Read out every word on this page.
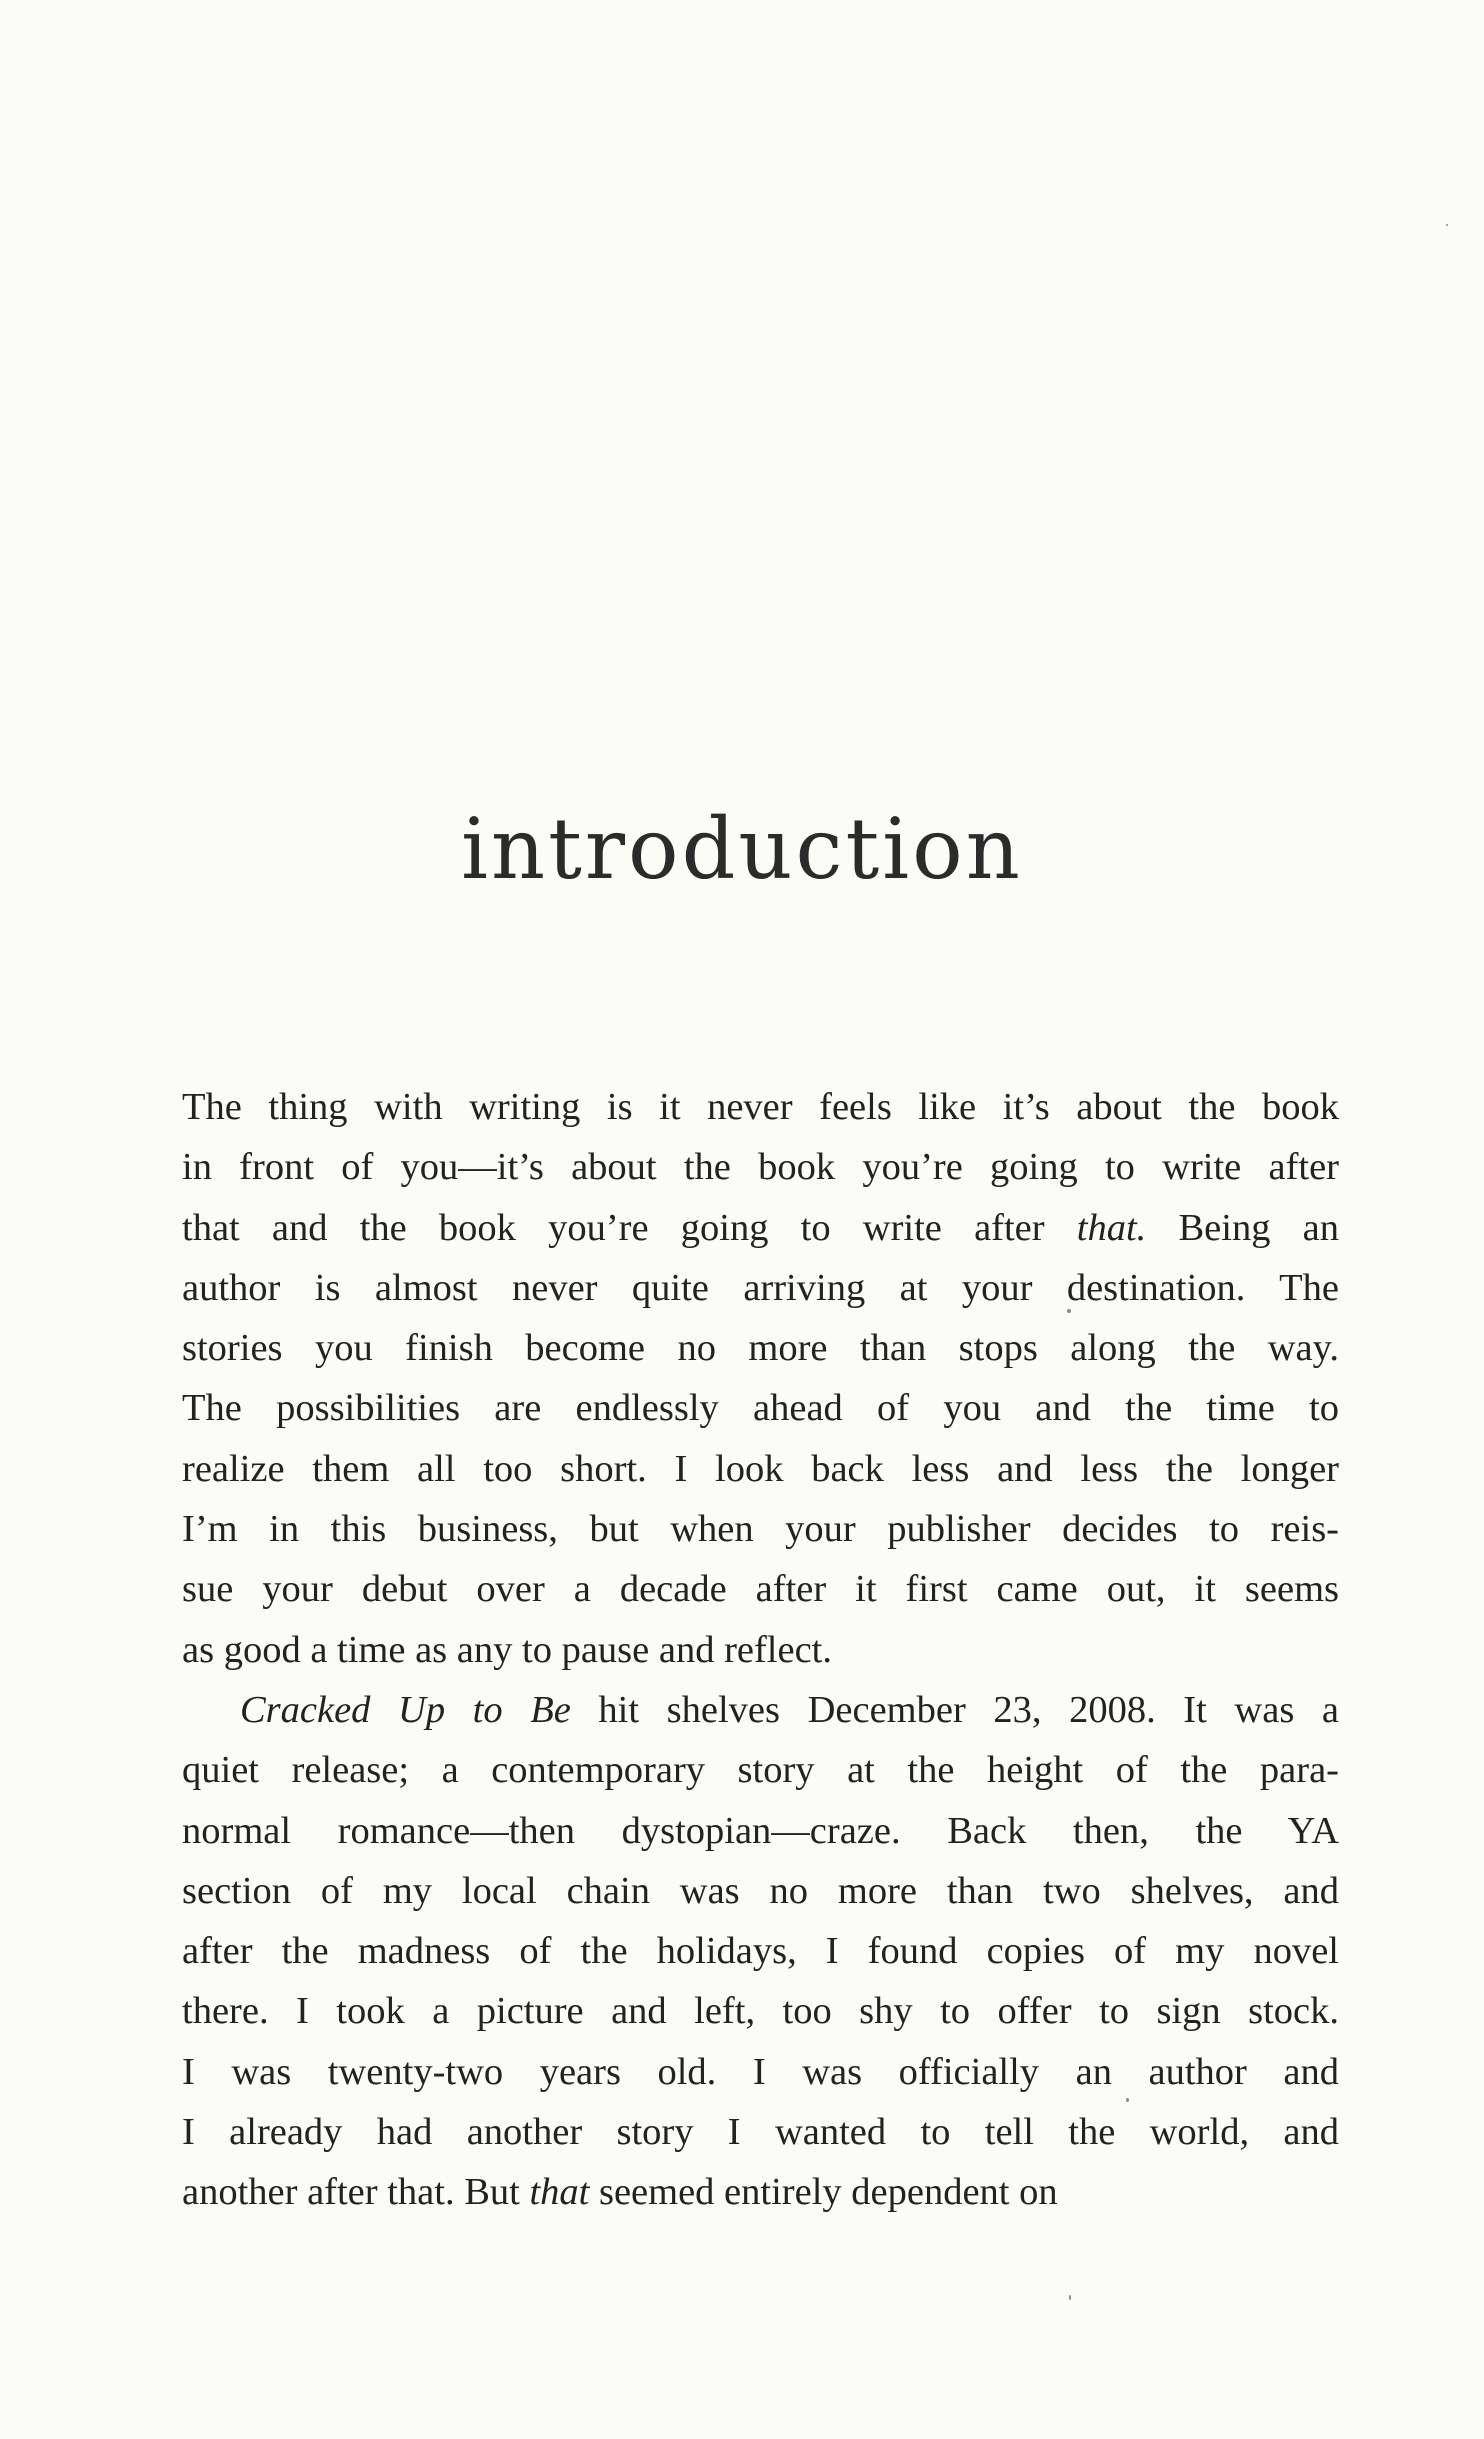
introduction
The thing with writing is it never feels like it’s about the book
in front of you—it’s about the book you’re going to write after
that and the book you’re going to write after that. Being an
author is almost never quite arriving at your destination. The
stories you finish become no more than stops along the way.
The possibilities are endlessly ahead of you and the time to
realize them all too short. I look back less and less the longer
I’m in this business, but when your publisher decides to reis-
sue your debut over a decade after it first came out, it seems
as good a time as any to pause and reflect.
Cracked Up to Be hit shelves December 23, 2008. It was a
quiet release; a contemporary story at the height of the para-
normal romance—then dystopian—craze. Back then, the YA
section of my local chain was no more than two shelves, and
after the madness of the holidays, I found copies of my novel
there. I took a picture and left, too shy to offer to sign stock.
I was twenty-two years old. I was officially an author and
I already had another story I wanted to tell the world, and
another after that. But that seemed entirely dependent on
